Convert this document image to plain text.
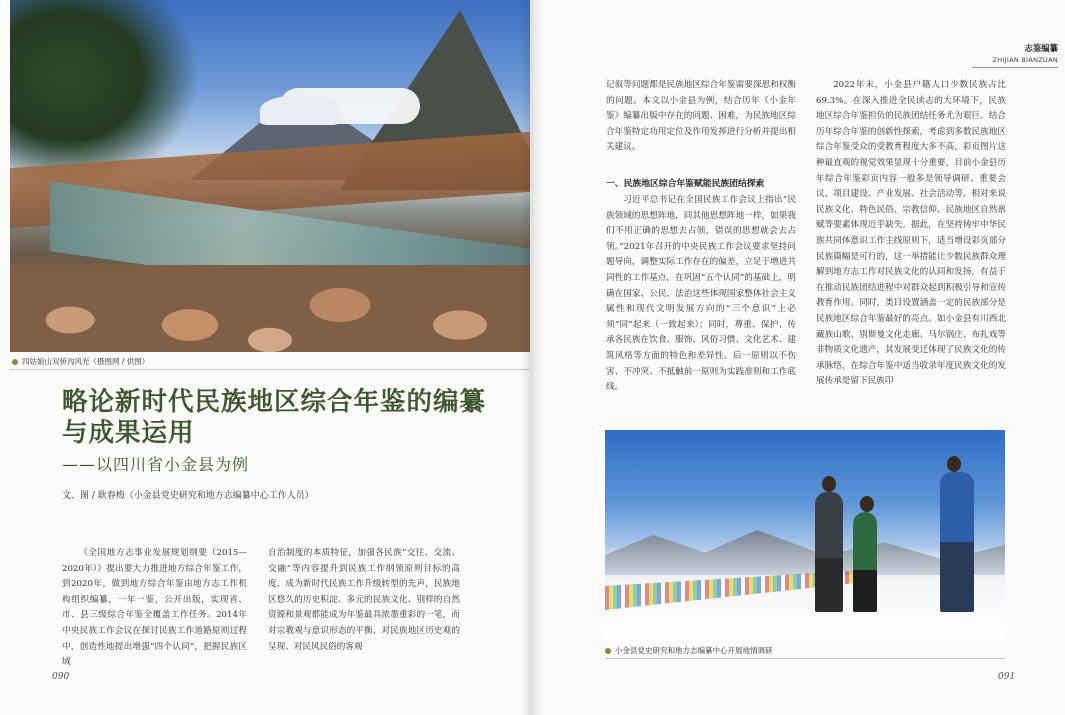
四姑娘山双桥沟风光（摄图网 / 供图）
略论新时代民族地区综合年鉴的编纂与成果运用
——以四川省小金县为例
文、图 / 耿春梅（小金县党史研究和地方志编纂中心工作人员）
《全国地方志事业发展规划纲要（2015—2020年）》提出要大力推进地方综合年鉴工作，到2020年，做到地方综合年鉴由地方志工作机构组织编纂，一年一鉴，公开出版，实现省、市、县三级综合年鉴全覆盖工作任务。2014年中央民族工作会议在探讨民族工作道路原则过程中，创造性地提出增强“四个认同”，把握民族区域
自治制度的本质特征，加强各民族“交往、交流、交融”等内容提升到民族工作纲领原则目标的高度，成为新时代民族工作升级转型的先声，民族地区悠久的历史积淀、多元的民族文化、别样的自然资源和景观都能成为年鉴最具浓墨重彩的一笔，而对宗教观与意识形态的平衡、对民族地区历史观的呈现、对民风民俗的客观
090
志鉴编纂
ZHIJIAN BIANZUAN
记叙等问题都是民族地区综合年鉴需要深思和权衡的问题。本文以小金县为例，结合历年《小金年鉴》编纂出版中存在的问题、困难，为民族地区综合年鉴特定功用定位及作用发挥进行分析并提出相关建议。
一、民族地区综合年鉴赋能民族团结探索
习近平总书记在全国民族工作会议上指出“民族领域的思想阵地，同其他思想阵地一样，如果我们不用正确的思想去占领，错误的思想就会去占领。”2021年召开的中央民族工作会议要求坚持问题导向，调整实际工作存在的偏差，立足于增进共同性的工作基点，在巩固“五个认同”的基础上，明确在国家、公民、法治这些体现国家整体社会主义属性和现代文明发展方向的“三个意识”上必须“同”起来（一致起来）；同时，尊重、保护、传承各民族在饮食、服饰、风俗习惯、文化艺术、建筑风格等方面的特色和差异性。后一原则以不伤害、不冲突、不抵触前一原则为实践准则和工作底线。
2022年末，小金县户籍人口少数民族占比69.3%。在深入推进全民读志的大环境下，民族地区综合年鉴担负的民族团结任务尤为艰巨。结合历年综合年鉴的创新性探索，考虑到多数民族地区综合年鉴受众的受教育程度大多不高，彩页图片这种最直观的视觉效果显现十分重要，目前小金县历年综合年鉴彩页内容一般多是领导调研、重要会议、项目建设、产业发展、社会活动等。相对来说民族文化、特色民俗、宗教信仰、民族地区自然禀赋等要素体现近乎缺失。据此，在坚持铸牢中华民族共同体意识工作主线原则下，适当增设彩页部分民族篇幅是可行的，这一举措能让少数民族群众理解到地方志工作对民族文化的认同和发扬，有益于在推动民族团结进程中对群众起到积极引导和宣传教育作用。同时，类目设置涵盖一定的民族部分是民族地区综合年鉴最好的亮点。如小金县有川西北藏族山歌、别斯曼文化走廊、马尔锅庄、布扎戏等非物质文化遗产，其发展变迁体现了民族文化的传承脉络，在综合年鉴中适当收录年度民族文化的发展传承是留下民族印
小金县党史研究和地方志编纂中心开展地情调研
091
